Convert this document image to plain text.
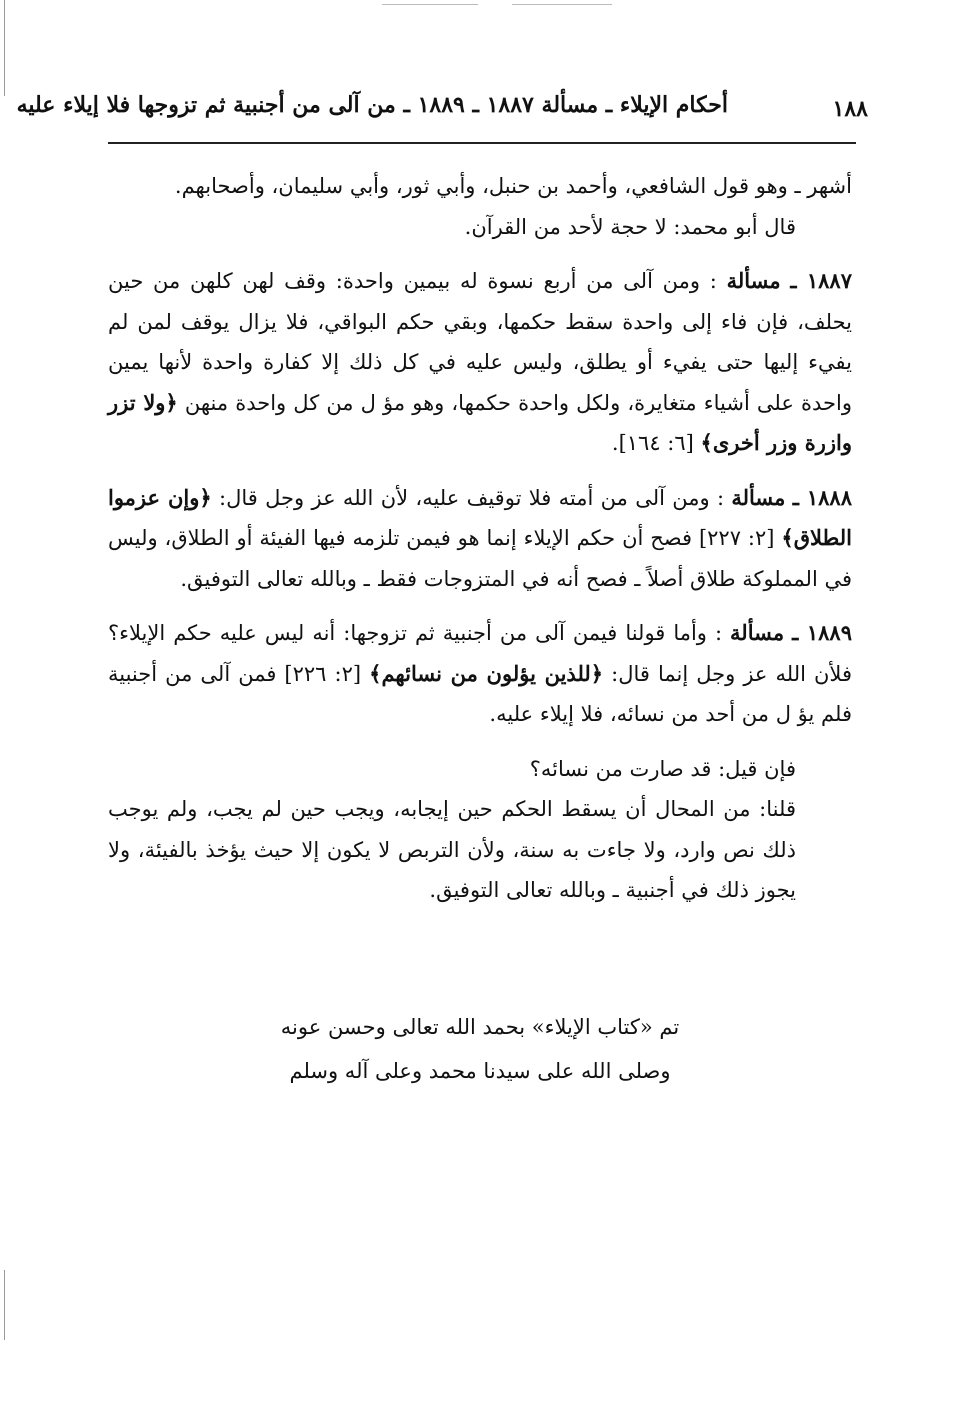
أحكام الإيلاء ـ مسألة ١٨٨٧ ـ ١٨٨٩ ـ من آلى من أجنبية ثم تزوجها فلا إيلاء عليه	١٨٨

أشهر ـ وهو قول الشافعي، وأحمد بن حنبل، وأبي ثور، وأبي سليمان، وأصحابهم.

قال أبو محمد: لا حجة لأحد من القرآن.

١٨٨٧ ـ مسألة : ومن آلى من أربع نسوة له بيمين واحدة: وقف لهن كلهن من حين يحلف، فإن فاء إلى واحدة سقط حكمها، وبقي حكم البواقي، فلا يزال يوقف لمن لم يفيء إليها حتى يفيء أو يطلق، وليس عليه في كل ذلك إلا كفارة واحدة لأنها يمين واحدة على أشياء متغايرة، ولكل واحدة حكمها، وهو مؤ ل من كل واحدة منهن ﴿ولا تزر وازرة وزر أخرى﴾ [٦: ١٦٤].

١٨٨٨ ـ مسألة : ومن آلى من أمته فلا توقيف عليه، لأن الله عز وجل قال: ﴿وإن عزموا الطلاق﴾ [٢: ٢٢٧] فصح أن حكم الإيلاء إنما هو فيمن تلزمه فيها الفيئة أو الطلاق، وليس في المملوكة طلاق أصلاً ـ فصح أنه في المتزوجات فقط ـ وبالله تعالى التوفيق.

١٨٨٩ ـ مسألة : وأما قولنا فيمن آلى من أجنبية ثم تزوجها: أنه ليس عليه حكم الإيلاء؟ فلأن الله عز وجل إنما قال: ﴿للذين يؤلون من نسائهم﴾ [٢: ٢٢٦] فمن آلى من أجنبية فلم يؤ ل من أحد من نسائه، فلا إيلاء عليه.

فإن قيل: قد صارت من نسائه؟

قلنا: من المحال أن يسقط الحكم حين إيجابه، ويجب حين لم يجب، ولم يوجب ذلك نص وارد، ولا جاءت به سنة، ولأن التربص لا يكون إلا حيث يؤخذ بالفيئة، ولا يجوز ذلك في أجنبية ـ وبالله تعالى التوفيق.

تم «كتاب الإيلاء» بحمد الله تعالى وحسن عونه

وصلى الله على سيدنا محمد وعلى آله وسلم
